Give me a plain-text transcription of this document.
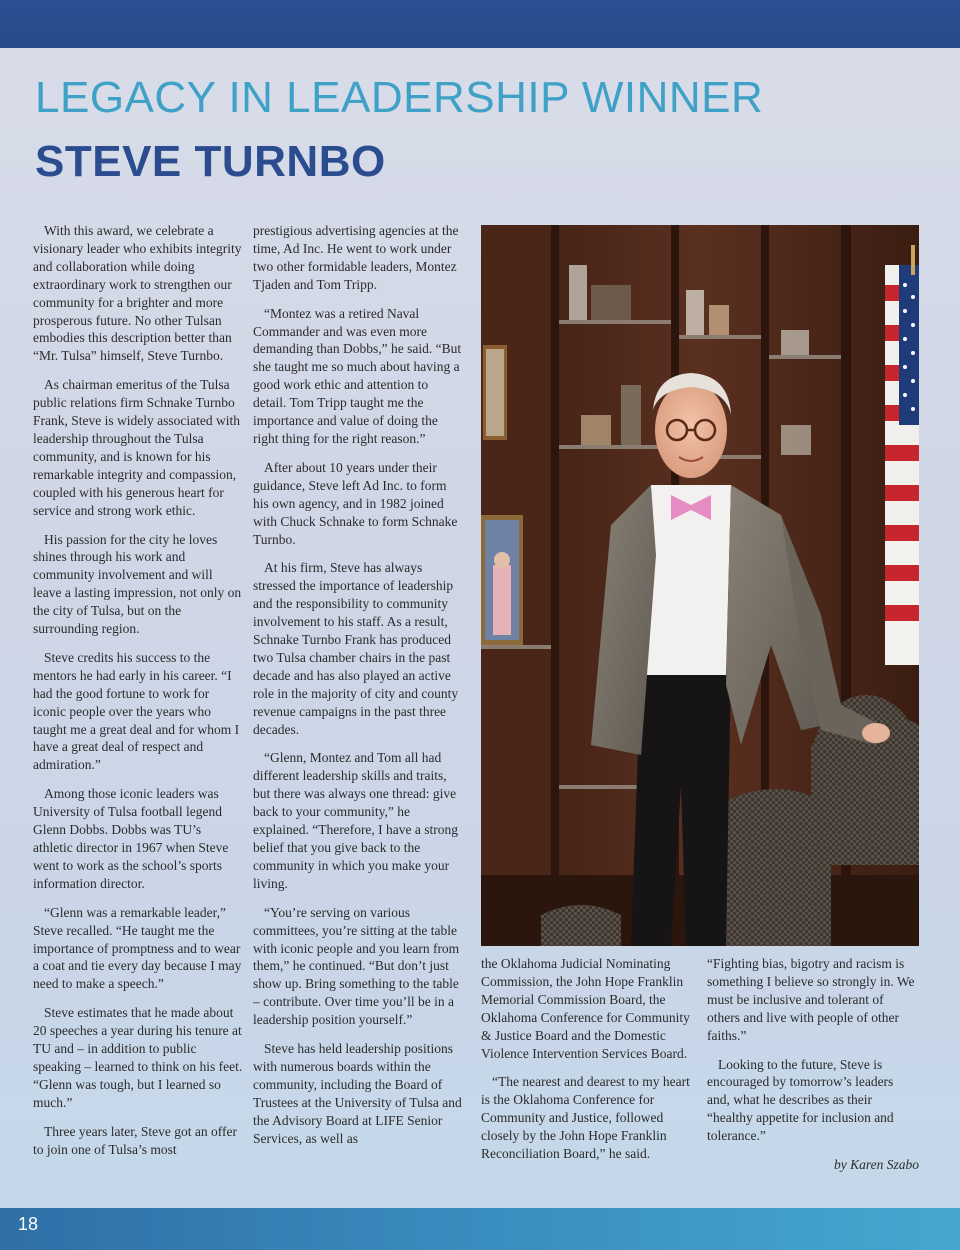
LEGACY IN LEADERSHIP WINNER
STEVE TURNBO

With this award, we celebrate a visionary leader who exhibits integrity and collaboration while doing extraordinary work to strengthen our community for a brighter and more prosperous future. No other Tulsan embodies this description better than “Mr. Tulsa” himself, Steve Turnbo.

As chairman emeritus of the Tulsa public relations firm Schnake Turnbo Frank, Steve is widely associated with leadership throughout the Tulsa community, and is known for his remarkable integrity and compassion, coupled with his generous heart for service and strong work ethic.

His passion for the city he loves shines through his work and community involvement and will leave a lasting impression, not only on the city of Tulsa, but on the surrounding region.

Steve credits his success to the mentors he had early in his career. “I had the good fortune to work for iconic people over the years who taught me a great deal and for whom I have a great deal of respect and admiration.”

Among those iconic leaders was University of Tulsa football legend Glenn Dobbs. Dobbs was TU’s athletic director in 1967 when Steve went to work as the school’s sports information director.

“Glenn was a remarkable leader,” Steve recalled. “He taught me the importance of promptness and to wear a coat and tie every day because I may need to make a speech.”

Steve estimates that he made about 20 speeches a year during his tenure at TU and – in addition to public speaking – learned to think on his feet. “Glenn was tough, but I learned so much.”

Three years later, Steve got an offer to join one of Tulsa’s most

prestigious advertising agencies at the time, Ad Inc. He went to work under two other formidable leaders, Montez Tjaden and Tom Tripp.

“Montez was a retired Naval Commander and was even more demanding than Dobbs,” he said. “But she taught me so much about having a good work ethic and attention to detail. Tom Tripp taught me the importance and value of doing the right thing for the right reason.”

After about 10 years under their guidance, Steve left Ad Inc. to form his own agency, and in 1982 joined with Chuck Schnake to form Schnake Turnbo.

At his firm, Steve has always stressed the importance of leadership and the responsibility to community involvement to his staff. As a result, Schnake Turnbo Frank has produced two Tulsa chamber chairs in the past decade and has also played an active role in the majority of city and county revenue campaigns in the past three decades.

“Glenn, Montez and Tom all had different leadership skills and traits, but there was always one thread: give back to your community,” he explained. “Therefore, I have a strong belief that you give back to the community in which you make your living.

“You’re serving on various committees, you’re sitting at the table with iconic people and you learn from them,” he continued. “But don’t just show up. Bring something to the table – contribute. Over time you’ll be in a leadership position yourself.”

Steve has held leadership positions with numerous boards within the community, including the Board of Trustees at the University of Tulsa and the Advisory Board at LIFE Senior Services, as well as

the Oklahoma Judicial Nominating Commission, the John Hope Franklin Memorial Commission Board, the Oklahoma Conference for Community & Justice Board and the Domestic Violence Intervention Services Board.

“The nearest and dearest to my heart is the Oklahoma Conference for Community and Justice, followed closely by the John Hope Franklin Reconciliation Board,” he said.

“Fighting bias, bigotry and racism is something I believe so strongly in. We must be inclusive and tolerant of others and live with people of other faiths.”

Looking to the future, Steve is encouraged by tomorrow’s leaders and, what he describes as their “healthy appetite for inclusion and tolerance.”

by Karen Szabo
18
